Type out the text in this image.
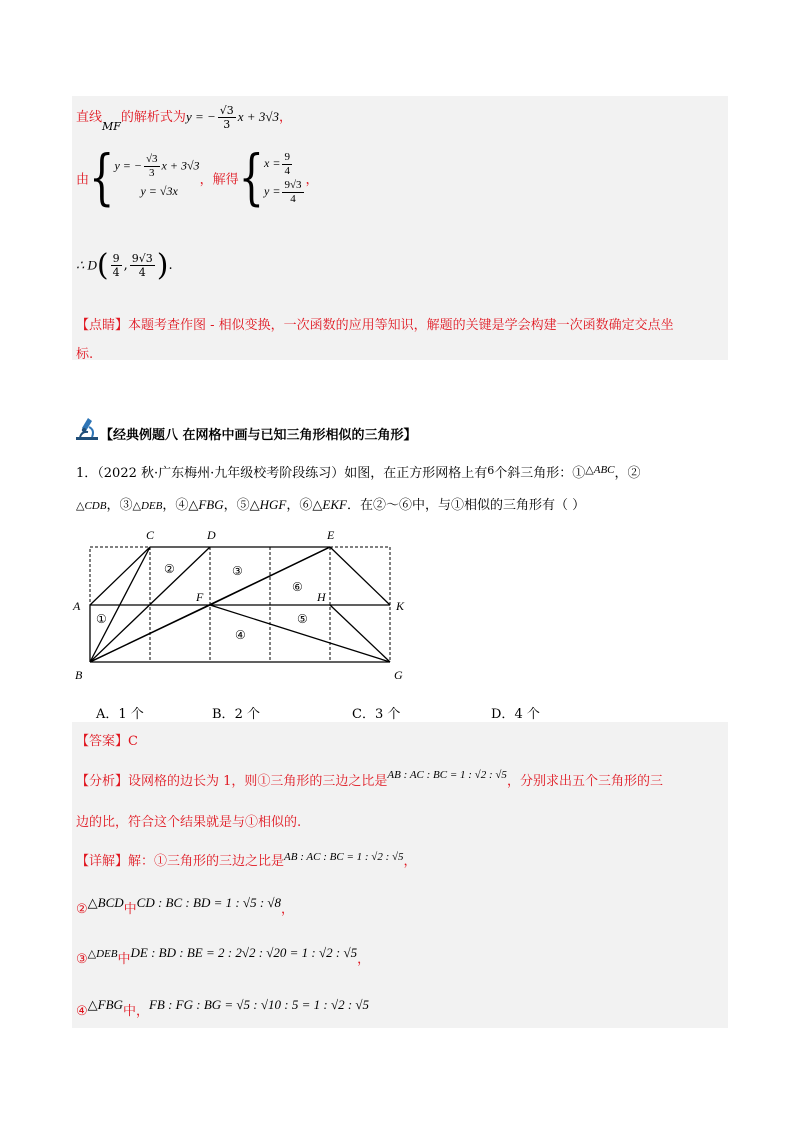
直线$_{MF}$的解析式为y = − $\frac{√3}{3}$ x + 3√3，
由{ y = − $\frac{√3}{3}$ x + 3√3
y = √3x
，解得{ $x = \frac{9}{4}$
$y = \frac{9√3}{4}$ ，
∴ $D( \frac{9}{4}$ , $\frac{9√3}{4}$ ).
【点睛】本题考查作图 - 相似变换，一次函数的应用等知识，解题的关键是学会构建一次函数确定交点坐
标.
【经典例题八 在网格中画与已知三角形相似的三角形】
1．（2022 秋·广东梅州·九年级校考阶段练习）如图，在正方形网格上有$^6$个斜三角形：①$^{\triangle ABC}$，②
△CDB，③△DEB，④△FBG，⑤△HGF，⑥△EKF．在②～⑥中，与①相似的三角形有（ ）
C	D	E
A
F	H
K
B	G
①
②	③
④
⑤
⑥
A．1 个	B．2 个	C．3 个	D．4 个
【答案】C
【分析】设网格的边长为 1，则①三角形的三边之比是$^{AB : AC : BC = 1 : √2 : √5}$，分别求出五个三角形的三
边的比，符合这个结果就是与①相似的.
【详解】解：①三角形的三边之比是$^{AB : AC : BC = 1 : √2 : √5}$，
②△BCD中CD : BC : BD = 1 : √5 : √8，
③$^{\triangle DEB}$中DE : BD : BE = 2 : 2√2 : √20 = 1 : √2 : √5，
④△FBG中，FB : FG : BG = √5 : √10 : 5 = 1 : √2 : √5
